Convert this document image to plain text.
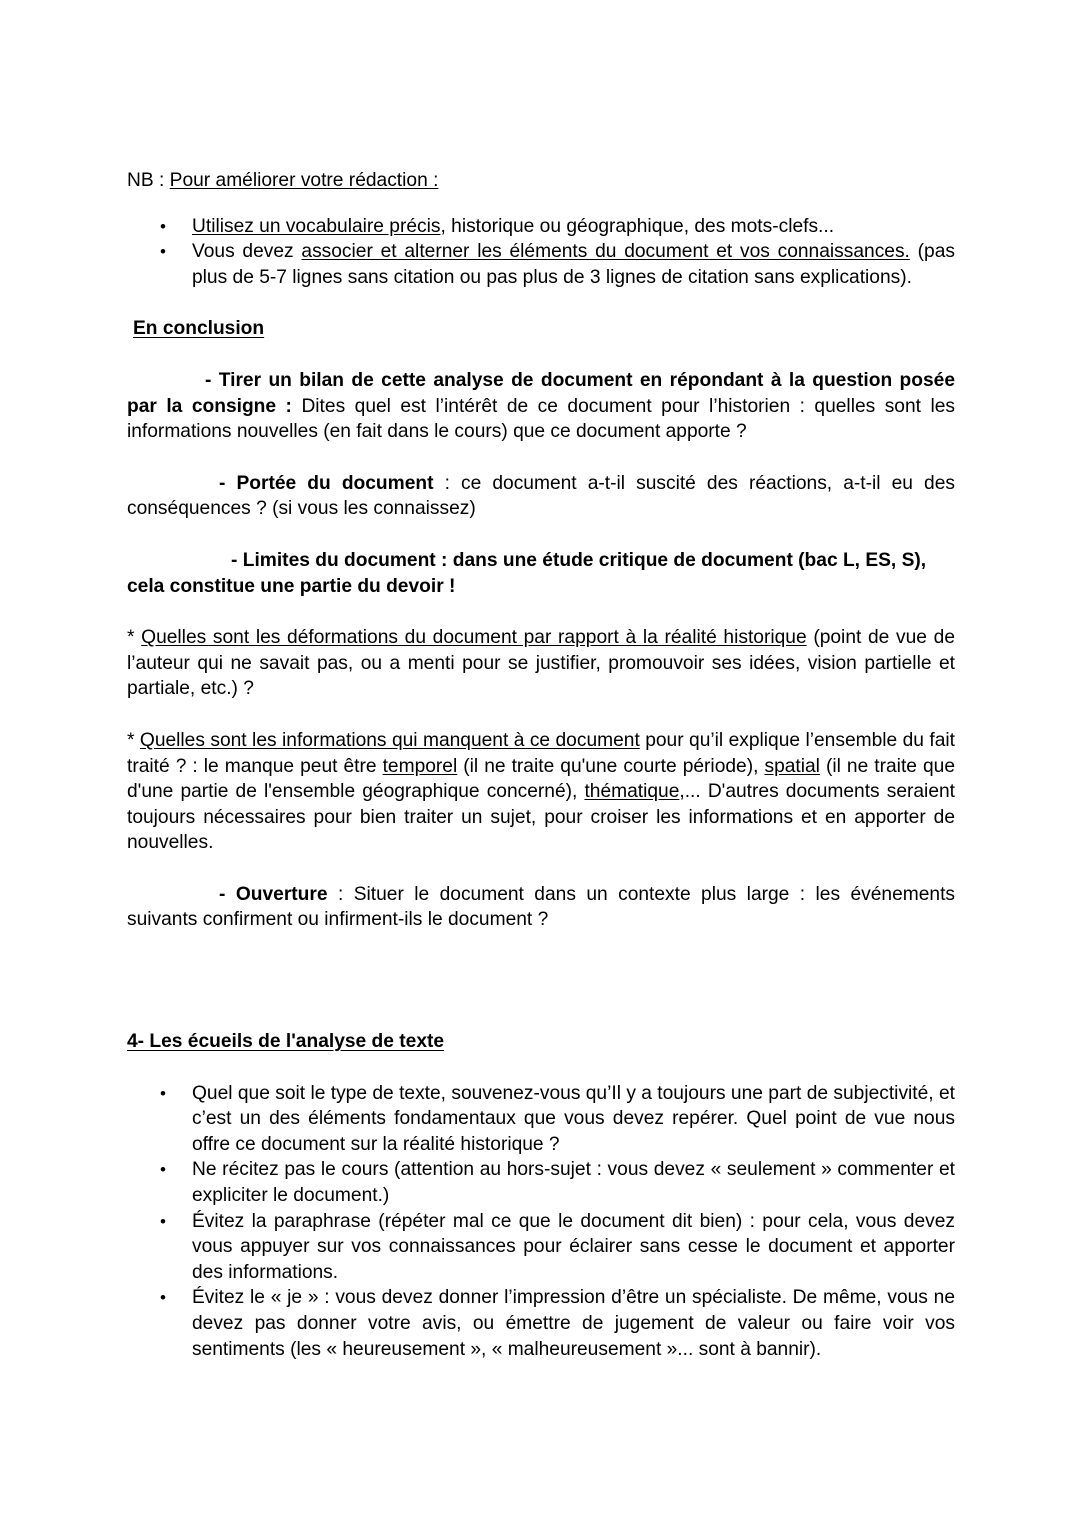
NB : Pour améliorer votre rédaction :

• Utilisez un vocabulaire précis, historique ou géographique, des mots-clefs...
• Vous devez associer et alterner les éléments du document et vos connaissances. (pas plus de 5-7 lignes sans citation ou pas plus de 3 lignes de citation sans explications).

En conclusion

- Tirer un bilan de cette analyse de document en répondant à la question posée par la consigne : Dites quel est l’intérêt de ce document pour l’historien : quelles sont les informations nouvelles (en fait dans le cours) que ce document apporte ?

- Portée du document : ce document a-t-il suscité des réactions, a-t-il eu des conséquences ? (si vous les connaissez)

- Limites du document : dans une étude critique de document (bac L, ES, S), cela constitue une partie du devoir !

* Quelles sont les déformations du document par rapport à la réalité historique (point de vue de l’auteur qui ne savait pas, ou a menti pour se justifier, promouvoir ses idées, vision partielle et partiale, etc.) ?

* Quelles sont les informations qui manquent à ce document pour qu’il explique l’ensemble du fait traité ? : le manque peut être temporel (il ne traite qu'une courte période), spatial (il ne traite que d'une partie de l'ensemble géographique concerné), thématique,... D'autres documents seraient toujours nécessaires pour bien traiter un sujet, pour croiser les informations et en apporter de nouvelles.

- Ouverture : Situer le document dans un contexte plus large : les événements suivants confirment ou infirment-ils le document ?

4- Les écueils de l'analyse de texte

• Quel que soit le type de texte, souvenez-vous qu’Il y a toujours une part de subjectivité, et c’est un des éléments fondamentaux que vous devez repérer. Quel point de vue nous offre ce document sur la réalité historique ?
• Ne récitez pas le cours (attention au hors-sujet : vous devez « seulement » commenter et expliciter le document.)
• Évitez la paraphrase (répéter mal ce que le document dit bien) : pour cela, vous devez vous appuyer sur vos connaissances pour éclairer sans cesse le document et apporter des informations.
• Évitez le « je » : vous devez donner l’impression d’être un spécialiste. De même, vous ne devez pas donner votre avis, ou émettre de jugement de valeur ou faire voir vos sentiments (les « heureusement », « malheureusement »... sont à bannir).
